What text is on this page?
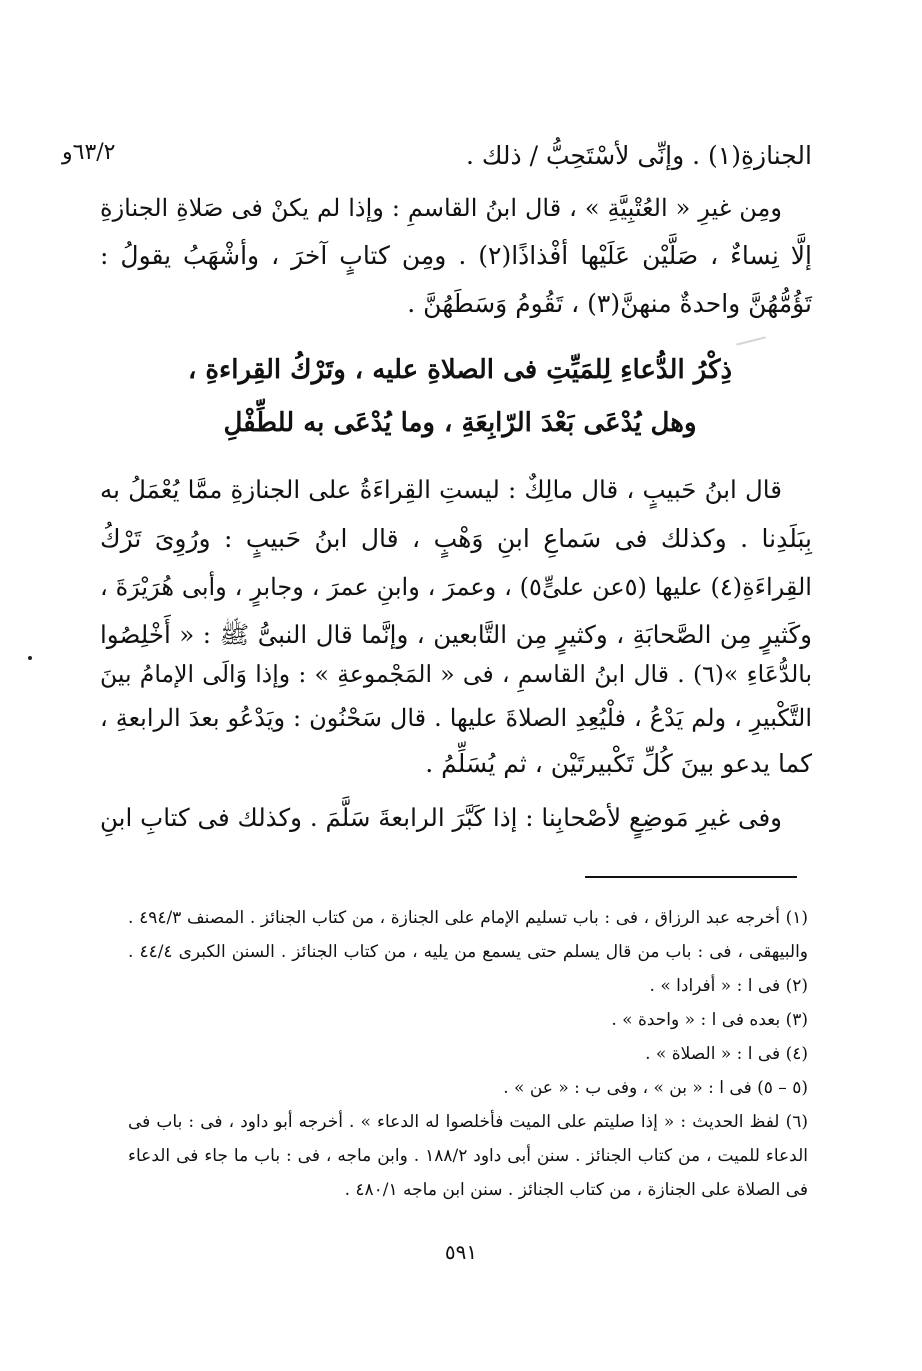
٦٣/٢و	الجنازةِ(١) . وإنِّى لأسْتَحِبُّ / ذلك .
ومِن غيرِ « العُتْبِيَّةِ » ، قال ابنُ القاسمِ : وإذا لم يكنْ فى صَلاةِ الجنازةِ
إلَّا نِساءٌ ، صَلَّيْن عَلَيْها أفْذاذًا(٢) . ومِن كتابٍ آخرَ ، وأشْهَبُ يقولُ :
تَؤُمُّهُنَّ واحدةٌ منهنَّ(٣) ، تَقُومُ وَسَطَهُنَّ .
ذِكْرُ الدُّعاءِ لِلمَيِّتِ فى الصلاةِ عليه ، وتَرْكُ القِراءةِ ،
وهل يُدْعَى بَعْدَ الرّابِعَةِ ، وما يُدْعَى به للطِّفْلِ
قال ابنُ حَبيبٍ ، قال مالِكٌ : ليستِ القِراءَةُ على الجنازةِ ممَّا يُعْمَلُ به
بِبَلَدِنا . وكذلك فى سَماعِ ابنِ وَهْبٍ ، قال ابنُ حَبيبٍ : ورُوِىَ تَرْكُ
القِراءَةِ(٤) عليها (٥عن علىٍّ٥) ، وعمرَ ، وابنِ عمرَ ، وجابرٍ ، وأبى هُرَيْرَةَ ،
وكَثيرٍ مِن الصَّحابَةِ ، وكثيرٍ مِن التَّابعين ، وإنَّما قال النبىُّ ﷺ : « أَخْلِصُوا
بالدُّعَاءِ »(٦) . قال ابنُ القاسمِ ، فى « المَجْموعةِ » : وإذا وَالَى الإمامُ بينَ
التَّكْبيرِ ، ولم يَدْعُ ، فلْيُعِدِ الصلاةَ عليها . قال سَحْنُون : ويَدْعُو بعدَ الرابعةِ ،
كما يدعو بينَ كُلِّ تَكْبيرتَيْن ، ثم يُسَلِّمُ .
وفى غيرِ مَوضِعٍ لأصْحابِنا : إذا كَبَّرَ الرابعةَ سَلَّمَ . وكذلك فى كتابِ ابنِ
(١) أخرجه عبد الرزاق ، فى : باب تسليم الإمام على الجنازة ، من كتاب الجنائز . المصنف ٤٩٤/٣ .
والبيهقى ، فى : باب من قال يسلم حتى يسمع من يليه ، من كتاب الجنائز . السنن الكبرى ٤٤/٤ .
(٢) فى ا : « أفرادا » .
(٣) بعده فى ا : « واحدة » .
(٤) فى ا : « الصلاة » .
(٥ – ٥) فى ا : « بن » ، وفى ب : « عن » .
(٦) لفظ الحديث : « إذا صليتم على الميت فأخلصوا له الدعاء » . أخرجه أبو داود ، فى : باب فى
الدعاء للميت ، من كتاب الجنائز . سنن أبى داود ١٨٨/٢ . وابن ماجه ، فى : باب ما جاء فى الدعاء
فى الصلاة على الجنازة ، من كتاب الجنائز . سنن ابن ماجه ٤٨٠/١ .
٥٩١
